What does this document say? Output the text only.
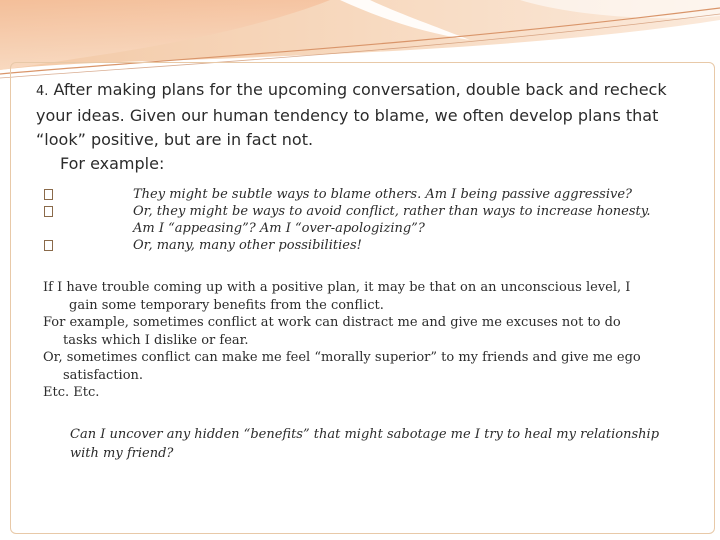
4. After making plans for the upcoming conversation, double back and recheck your ideas. Given our human tendency to blame, we often develop plans that “look” positive, but are in fact not.
For example:
They might be subtle ways to blame others. Am I being passive aggressive?
Or, they might be ways to avoid conflict, rather than ways to increase honesty.
Am I “appeasing”? Am I “over-apologizing”?
Or, many, many other possibilities!

If I have trouble coming up with a positive plan, it may be that on an unconscious level, I

gain some temporary benefits from the conflict.

For example, sometimes conflict at work can distract me and give me excuses not to do

tasks which I dislike or fear.

Or, sometimes conflict can make me feel “morally superior” to my friends and give me ego

satisfaction.

Etc. Etc.

Can I uncover any hidden “benefits” that might sabotage me I try to heal my relationship with my friend?
